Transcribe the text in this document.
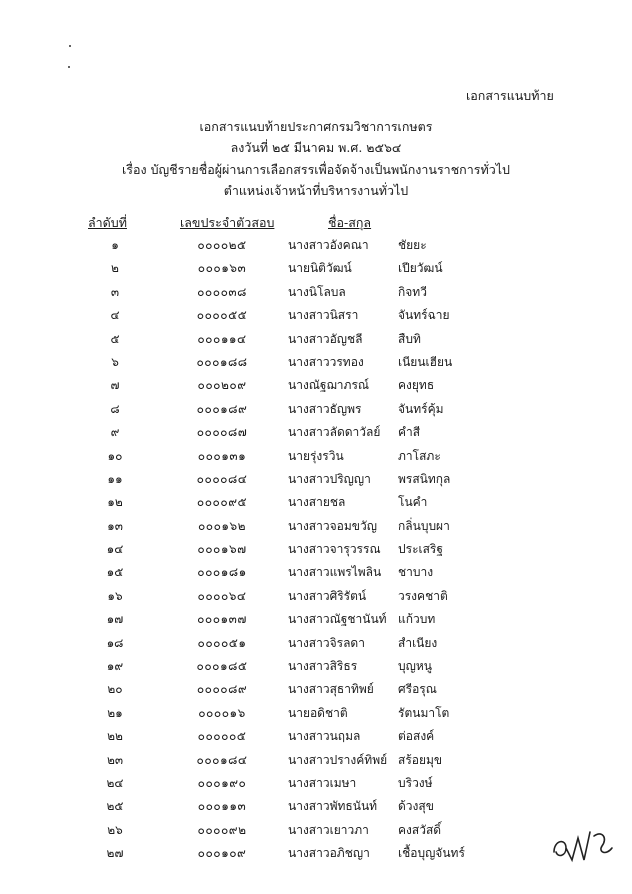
เอกสารแนบท้าย
เอกสารแนบท้ายประกาศกรมวิชาการเกษตร
ลงวันที่ ๒๕ มีนาคม พ.ศ. ๒๕๖๔
เรื่อง บัญชีรายชื่อผู้ผ่านการเลือกสรรเพื่อจัดจ้างเป็นพนักงานราชการทั่วไป
ตำแหน่งเจ้าหน้าที่บริหารงานทั่วไป
ลำดับที่	เลขประจำตัวสอบ	ชื่อ-สกุล
๑	๐๐๐๐๒๕	นางสาวอังคณา ชัยยะ
๒	๐๐๐๑๖๓	นายนิติวัฒน์	เปียวัฒน์
๓	๐๐๐๐๓๘	นางนิโลบล	กิจทวี
๔	๐๐๐๐๕๕	นางสาวนิสรา	จันทร์ฉาย
๕	๐๐๐๑๑๔	นางสาวอัญชลี	สืบทิ
๖	๐๐๐๑๘๘	นางสาววรทอง	เนียนเฮียน
๗	๐๐๐๒๐๙	นางณัฐฌาภรณ์ คงยุทธ
๘	๐๐๐๑๘๙	นางสาวธัญพร	จันทร์คุ้ม
๙	๐๐๐๐๘๗	นางสาวลัดดาวัลย์ คำสี
๑๐	๐๐๐๑๓๑	นายรุ่งรวิน	ภาโสภะ
๑๑	๐๐๐๐๘๔	นางสาวปริญญา พรสนิทกุล
๑๒	๐๐๐๐๙๕	นางสายชล	โนคำ
๑๓	๐๐๐๑๖๒	นางสาวจอมขวัญ กลิ่นบุบผา
๑๔	๐๐๐๑๖๗	นางสาวจารุวรรณ ประเสริฐ
๑๕	๐๐๐๑๘๑	นางสาวแพรไพลิน ชาบาง
๑๖	๐๐๐๐๖๔	นางสาวศิริรัตน์	วรงคชาติ
๑๗	๐๐๐๑๓๗	นางสาวณัฐชานันท์ แก้วบท
๑๘	๐๐๐๐๕๑	นางสาวจิรลดา	สำเนียง
๑๙	๐๐๐๑๘๕	นางสาวสิริธร	บุญหนู
๒๐	๐๐๐๐๘๙	นางสาวสุธาทิพย์ ศรีอรุณ
๒๑	๐๐๐๐๑๖	นายอดิชาติ	รัตนมาโต
๒๒	๐๐๐๐๐๕	นางสาวนฤมล	ต่อสงค์
๒๓	๐๐๐๑๘๔	นางสาวปรางค์ทิพย์ สร้อยมุข
๒๔	๐๐๐๑๙๐	นางสาวเมษา	บริวงษ์
๒๕	๐๐๐๑๑๓	นางสาวพัทธนันท์ ด้วงสุข
๒๖	๐๐๐๐๙๒	นางสาวเยาวภา คงสวัสดิ์
๒๗	๐๐๐๑๐๙	นางสาวอภิชญา เชื้อบุญจันทร์
